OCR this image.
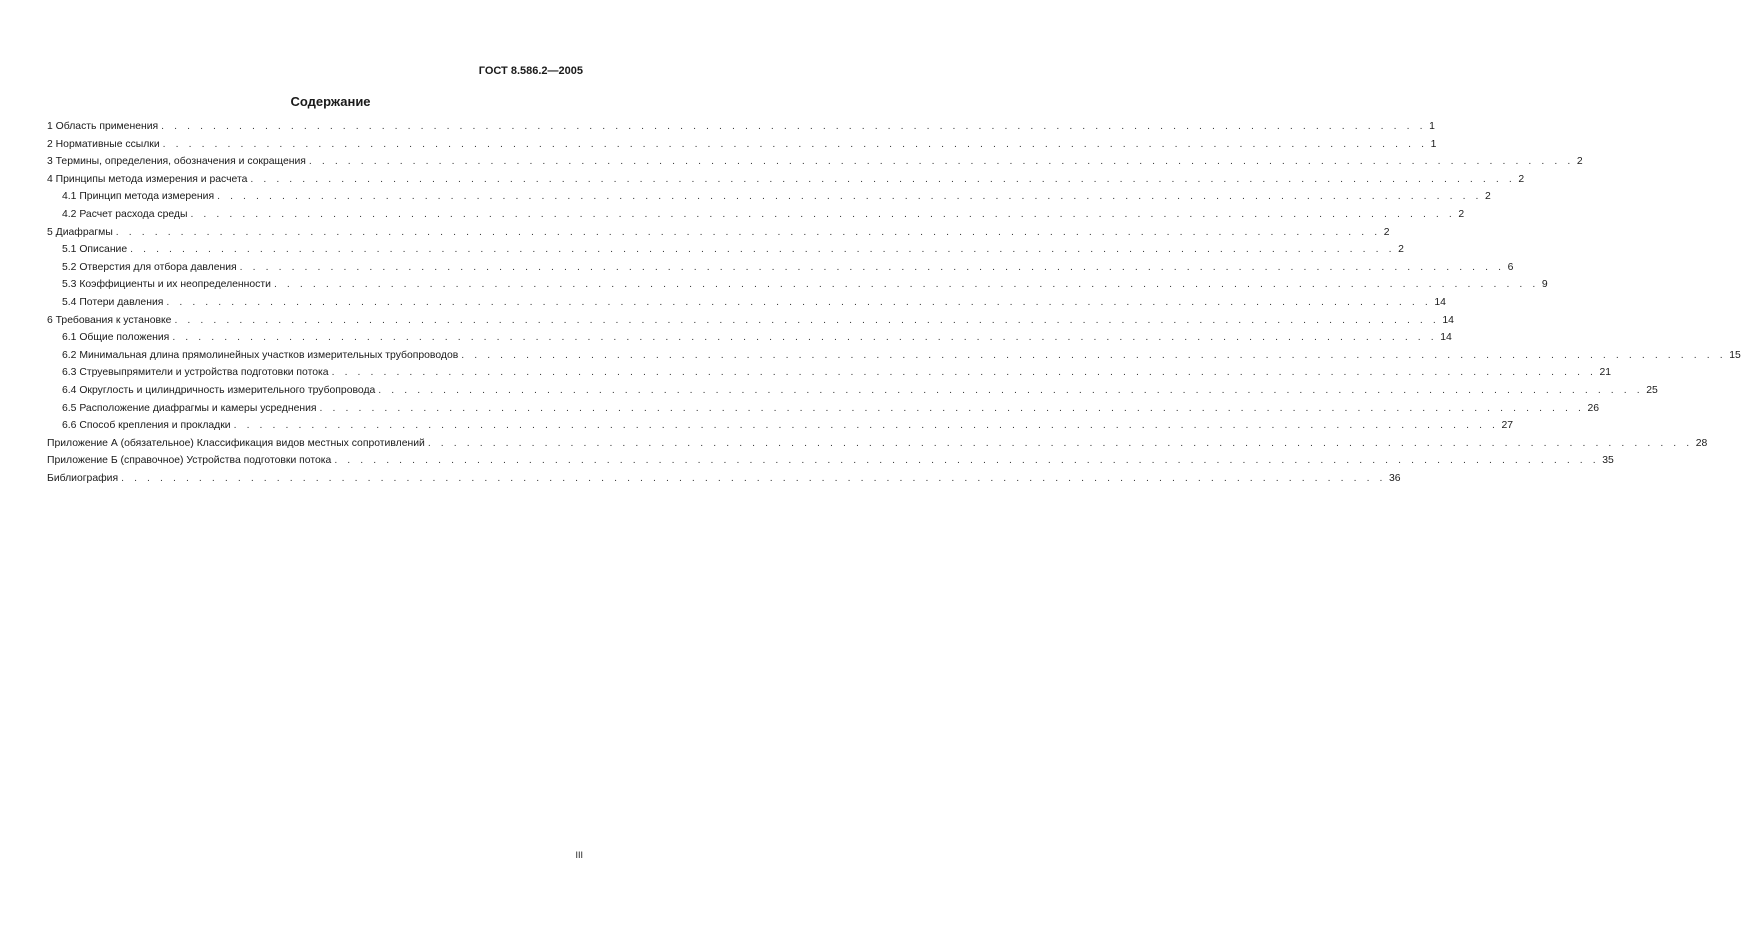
ГОСТ 8.586.2—2005
Содержание
1 Область применения . . . . . . . . . . . . . . . . . . . . . . . . . . . . . . . . . . . . . . . . . . . . . . . . . . . . . . . . . . . . . . . . . . . . . . . . . . . . . . . . . . . . . . . . . . . . . . . . . . 1
2 Нормативные ссылки . . . . . . . . . . . . . . . . . . . . . . . . . . . . . . . . . . . . . . . . . . . . . . . . . . . . . . . . . . . . . . . . . . . . . . . . . . . . . . . . . . . . . . . . . . . . . . . . . . 1
3 Термины, определения, обозначения и сокращения . . . . . . . . . . . . . . . . . . . . . . . . . . . . . . . . . . . . . . . . . . . . . . . . . . . . . . . . . . . . . . . . . . . . . . . . . . . . . . . . . . . . . . . . . . . . . . . . . . 2
4 Принципы метода измерения и расчета . . . . . . . . . . . . . . . . . . . . . . . . . . . . . . . . . . . . . . . . . . . . . . . . . . . . . . . . . . . . . . . . . . . . . . . . . . . . . . . . . . . . . . . . . . . . . . . . . . 2
4.1 Принцип метода измерения . . . . . . . . . . . . . . . . . . . . . . . . . . . . . . . . . . . . . . . . . . . . . . . . . . . . . . . . . . . . . . . . . . . . . . . . . . . . . . . . . . . . . . . . . . . . . . . . . . 2
4.2 Расчет расхода среды . . . . . . . . . . . . . . . . . . . . . . . . . . . . . . . . . . . . . . . . . . . . . . . . . . . . . . . . . . . . . . . . . . . . . . . . . . . . . . . . . . . . . . . . . . . . . . . . . . 2
5 Диафрагмы . . . . . . . . . . . . . . . . . . . . . . . . . . . . . . . . . . . . . . . . . . . . . . . . . . . . . . . . . . . . . . . . . . . . . . . . . . . . . . . . . . . . . . . . . . . . . . . . . . 2
5.1 Описание . . . . . . . . . . . . . . . . . . . . . . . . . . . . . . . . . . . . . . . . . . . . . . . . . . . . . . . . . . . . . . . . . . . . . . . . . . . . . . . . . . . . . . . . . . . . . . . . . . 2
5.2 Отверстия для отбора давления . . . . . . . . . . . . . . . . . . . . . . . . . . . . . . . . . . . . . . . . . . . . . . . . . . . . . . . . . . . . . . . . . . . . . . . . . . . . . . . . . . . . . . . . . . . . . . . . . . 6
5.3 Коэффициенты и их неопределенности . . . . . . . . . . . . . . . . . . . . . . . . . . . . . . . . . . . . . . . . . . . . . . . . . . . . . . . . . . . . . . . . . . . . . . . . . . . . . . . . . . . . . . . . . . . . . . . . . . 9
5.4 Потери давления . . . . . . . . . . . . . . . . . . . . . . . . . . . . . . . . . . . . . . . . . . . . . . . . . . . . . . . . . . . . . . . . . . . . . . . . . . . . . . . . . . . . . . . . . . . . . . . . . . 14
6 Требования к установке . . . . . . . . . . . . . . . . . . . . . . . . . . . . . . . . . . . . . . . . . . . . . . . . . . . . . . . . . . . . . . . . . . . . . . . . . . . . . . . . . . . . . . . . . . . . . . . . . . 14
6.1 Общие положения . . . . . . . . . . . . . . . . . . . . . . . . . . . . . . . . . . . . . . . . . . . . . . . . . . . . . . . . . . . . . . . . . . . . . . . . . . . . . . . . . . . . . . . . . . . . . . . . . . 14
6.2 Минимальная длина прямолинейных участков измерительных трубопроводов . . . . . . . . . . . . . . . . . . . . . . . . . . . . . . . . . . . . . . . . . . . . . . . . . . . . . . . . . . . . . . . . . . . . . . . . . . . . . . . . . . . . . . . . . . . . . . . . . . 15
6.3 Струевыпрямители и устройства подготовки потока . . . . . . . . . . . . . . . . . . . . . . . . . . . . . . . . . . . . . . . . . . . . . . . . . . . . . . . . . . . . . . . . . . . . . . . . . . . . . . . . . . . . . . . . . . . . . . . . . . 21
6.4 Округлость и цилиндричность измерительного трубопровода . . . . . . . . . . . . . . . . . . . . . . . . . . . . . . . . . . . . . . . . . . . . . . . . . . . . . . . . . . . . . . . . . . . . . . . . . . . . . . . . . . . . . . . . . . . . . . . . . . 25
6.5 Расположение диафрагмы и камеры усреднения . . . . . . . . . . . . . . . . . . . . . . . . . . . . . . . . . . . . . . . . . . . . . . . . . . . . . . . . . . . . . . . . . . . . . . . . . . . . . . . . . . . . . . . . . . . . . . . . . . 26
6.6 Способ крепления и прокладки . . . . . . . . . . . . . . . . . . . . . . . . . . . . . . . . . . . . . . . . . . . . . . . . . . . . . . . . . . . . . . . . . . . . . . . . . . . . . . . . . . . . . . . . . . . . . . . . . . 27
Приложение А (обязательное) Классификация видов местных сопротивлений . . . . . . . . . . . . . . . . . . . . . . . . . . . . . . . . . . . . . . . . . . . . . . . . . . . . . . . . . . . . . . . . . . . . . . . . . . . . . . . . . . . . . . . . . . . . . . . . . . 28
Приложение Б (справочное) Устройства подготовки потока . . . . . . . . . . . . . . . . . . . . . . . . . . . . . . . . . . . . . . . . . . . . . . . . . . . . . . . . . . . . . . . . . . . . . . . . . . . . . . . . . . . . . . . . . . . . . . . . . . 35
Библиография . . . . . . . . . . . . . . . . . . . . . . . . . . . . . . . . . . . . . . . . . . . . . . . . . . . . . . . . . . . . . . . . . . . . . . . . . . . . . . . . . . . . . . . . . . . . . . . . . . 36
III
